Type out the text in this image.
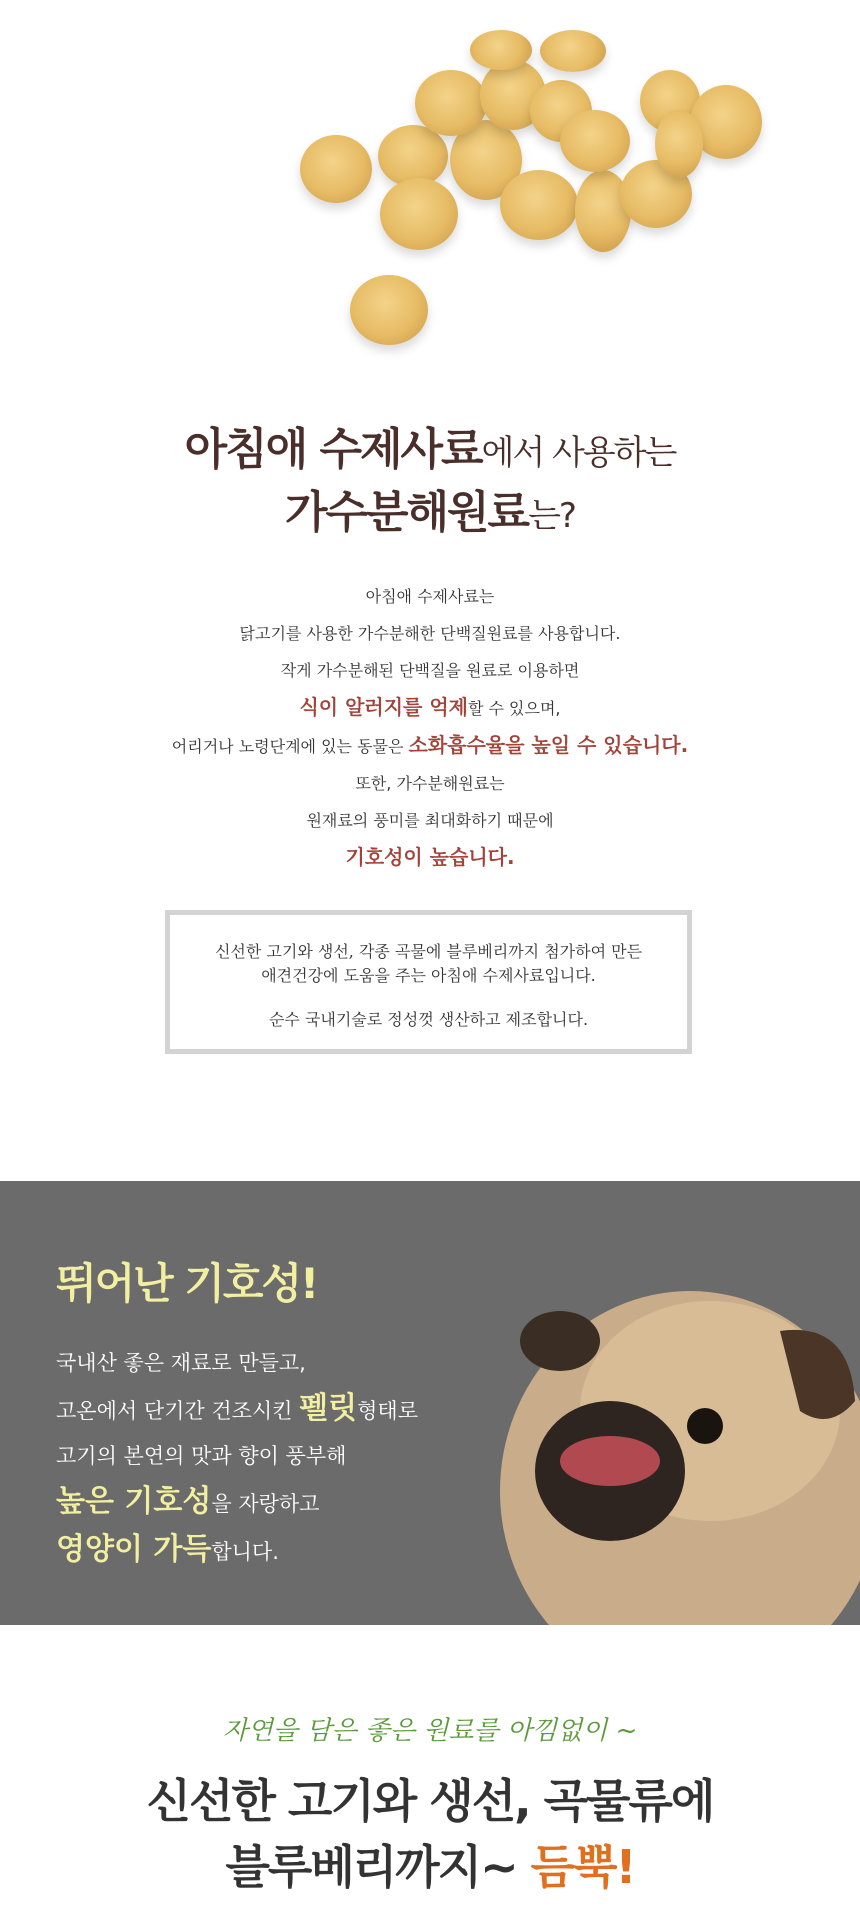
아침애 수제사료에서 사용하는
가수분해원료는?
아침애 수제사료는
닭고기를 사용한 가수분해한 단백질원료를 사용합니다.
작게 가수분해된 단백질을 원료로 이용하면
식이 알러지를 억제할 수 있으며,
어리거나 노령단계에 있는 동물은 소화흡수율을 높일 수 있습니다.
또한, 가수분해원료는
원재료의 풍미를 최대화하기 때문에
기호성이 높습니다.

신선한 고기와 생선, 각종 곡물에 블루베리까지 첨가하여 만든
애견건강에 도움을 주는 아침애 수제사료입니다.

순수 국내기술로 정성껏 생산하고 제조합니다.

뛰어난 기호성!
국내산 좋은 재료로 만들고,
고온에서 단기간 건조시킨 펠릿형태로
고기의 본연의 맛과 향이 풍부해
높은 기호성을 자랑하고
영양이 가득합니다.
자연을 담은 좋은 원료를 아낌없이 ~
신선한 고기와 생선, 곡물류에
블루베리까지~ 듬뿍!
